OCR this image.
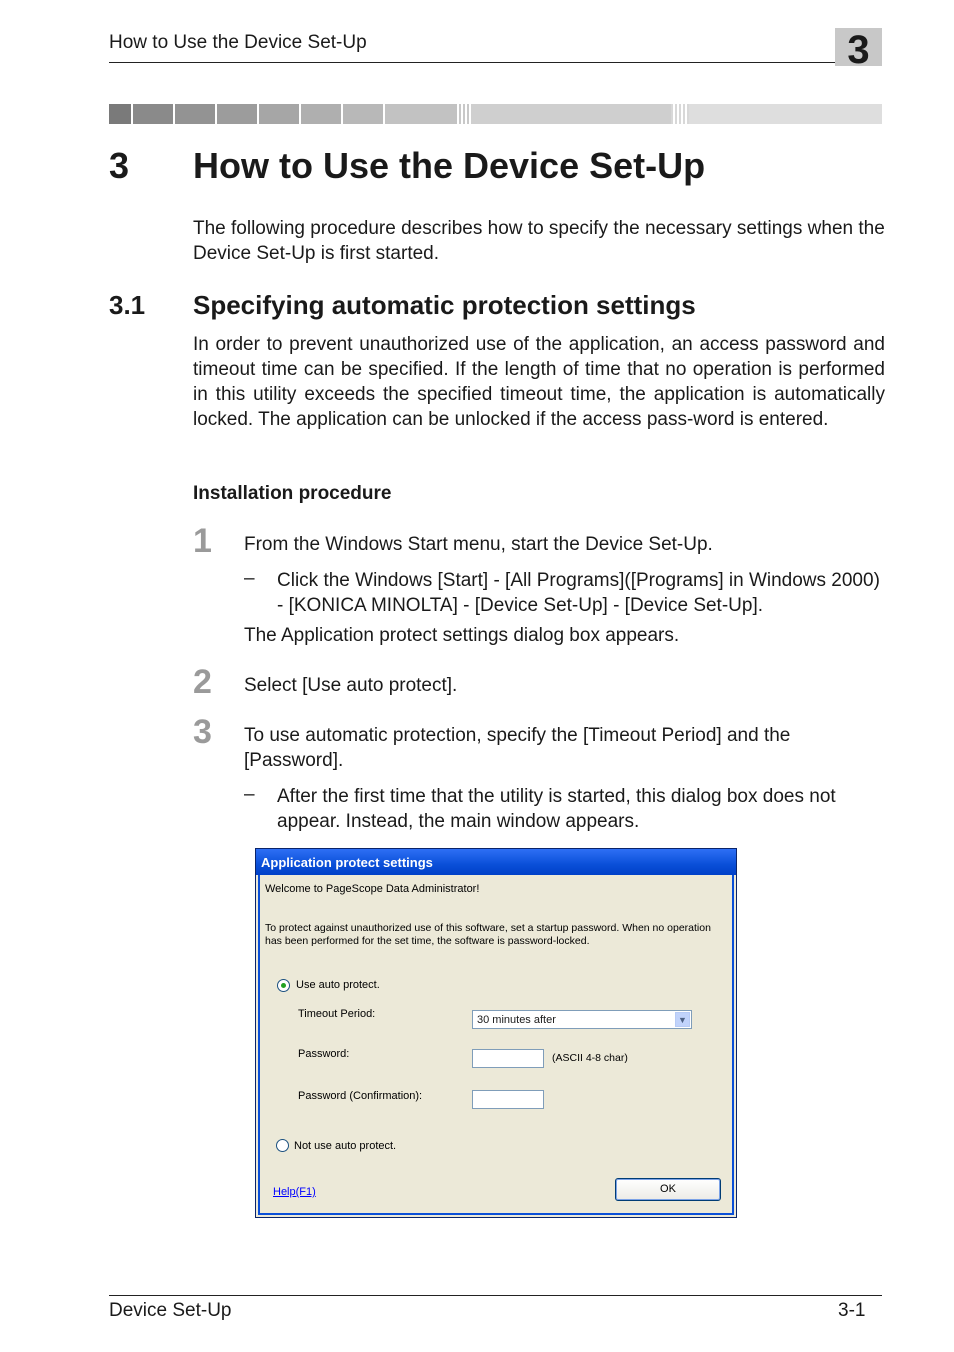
How to Use the Device Set-Up	3
3 How to Use the Device Set-Up
The following procedure describes how to specify the necessary settings when the Device Set-Up is first started.
3.1 Specifying automatic protection settings
In order to prevent unauthorized use of the application, an access password and timeout time can be specified. If the length of time that no operation is performed in this utility exceeds the specified timeout time, the application is automatically locked. The application can be unlocked if the access pass-word is entered.
Installation procedure
1 From the Windows Start menu, start the Device Set-Up.
– Click the Windows [Start] - [All Programs]([Programs] in Windows 2000) - [KONICA MINOLTA] - [Device Set-Up] - [Device Set-Up].
The Application protect settings dialog box appears.
2 Select [Use auto protect].
3 To use automatic protection, specify the [Timeout Period] and the [Password].
– After the first time that the utility is started, this dialog box does not appear. Instead, the main window appears.
Application protect settings
Welcome to PageScope Data Administrator!
To protect against unauthorized use of this software, set a startup password. When no operation
has been performed for the set time, the software is password-locked.
Use auto protect.
Timeout Period:	30 minutes after	▼
Password:	(ASCII 4-8 char)
Password (Confirmation):
Not use auto protect.
Help(F1)	OK
Device Set-Up	3-1
